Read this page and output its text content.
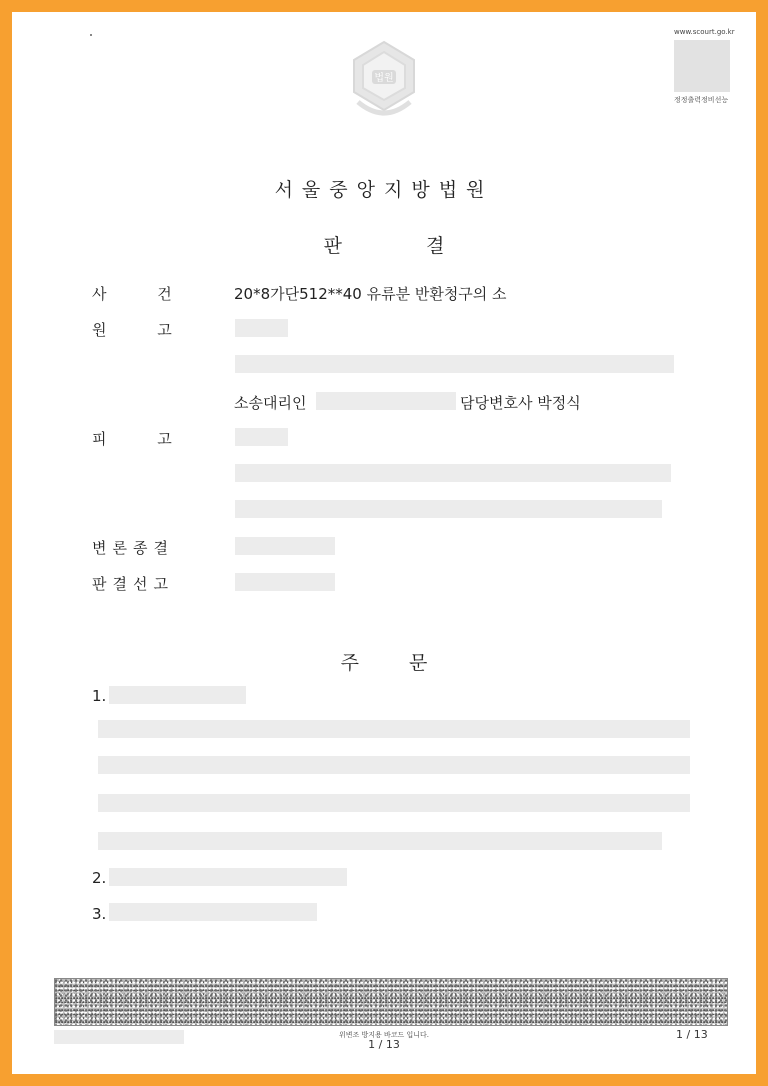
www.scourt.go.kr
정정출력정비선능
법원
서울중앙지방법원
판 결
사 건	20*8가단512**40 유류분 반환청구의 소
원 고
소송대리인	담당변호사 박정식
피 고
변론종결
판결선고
주 문
1.
2.
3.
위변조 방지용 바코드 입니다.
1 / 13
1 / 13
